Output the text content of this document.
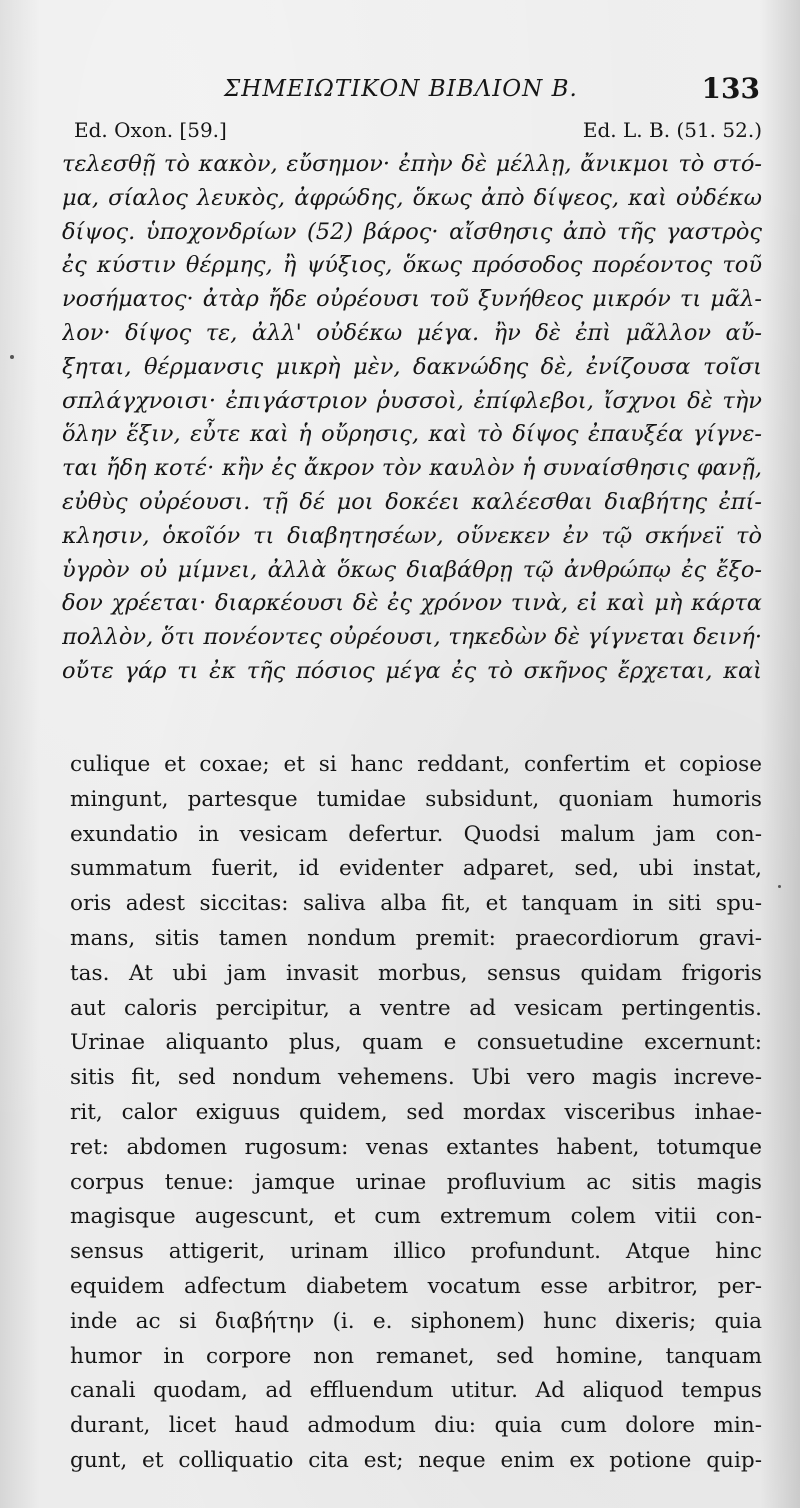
ΣΗΜΕΙΩΤΙΚΟΝ ΒΙΒΛΙΟΝ Β.	133
Ed. Oxon. [59.]	Ed. L. B. (51. 52.)
τελεσθῇ τὸ κακὸν, εὔσημον· ἐπὴν δὲ μέλλῃ, ἄνικμοι τὸ στό-
μα, σίαλος λευκὸς, ἀφρώδης, ὅκως ἀπὸ δίψεος, καὶ οὐδέκω
δίψος. ὑποχονδρίων (52) βάρος· αἴσθησις ἀπὸ τῆς γαστρὸς
ἐς κύστιν θέρμης, ἢ ψύξιος, ὅκως πρόσοδος πορέοντος τοῦ
νοσήματος· ἀτὰρ ἤδε οὐρέουσι τοῦ ξυνήθεος μικρόν τι μᾶλ-
λον· δίψος τε, ἀλλ' οὐδέκω μέγα. ἢν δὲ ἐπὶ μᾶλλον αὔ-
ξηται, θέρμανσις μικρὴ μὲν, δακνώδης δὲ, ἐνίζουσα τοῖσι
σπλάγχνοισι· ἐπιγάστριον ῥυσσοὶ, ἐπίφλεβοι, ἴσχνοι δὲ τὴν
ὅλην ἕξιν, εὖτε καὶ ἡ οὔρησις, καὶ τὸ δίψος ἐπαυξέα γίγνε-
ται ἤδη κοτέ· κἢν ἐς ἄκρον τὸν καυλὸν ἡ συναίσθησις φανῇ,
εὐθὺς οὐρέουσι. τῇ δέ μοι δοκέει καλέεσθαι διαβήτης ἐπί-
κλησιν, ὁκοῖόν τι διαβητησέων, οὕνεκεν ἐν τῷ σκήνεϊ τὸ
ὑγρὸν οὐ μίμνει, ἀλλὰ ὅκως διαβάθρῃ τῷ ἀνθρώπῳ ἐς ἔξο-
δον χρέεται· διαρκέουσι δὲ ἐς χρόνον τινὰ, εἰ καὶ μὴ κάρτα
πολλὸν, ὅτι πονέοντες οὐρέουσι, τηκεδὼν δὲ γίγνεται δεινή·
οὔτε γάρ τι ἐκ τῆς πόσιος μέγα ἐς τὸ σκῆνος ἔρχεται, καὶ
culique et coxae; et si hanc reddant, confertim et copiose
mingunt, partesque tumidae subsidunt, quoniam humoris
exundatio in vesicam defertur. Quodsi malum jam con-
summatum fuerit, id evidenter adparet, sed, ubi instat,
oris adest siccitas: saliva alba fit, et tanquam in siti spu-
mans, sitis tamen nondum premit: praecordiorum gravi-
tas. At ubi jam invasit morbus, sensus quidam frigoris
aut caloris percipitur, a ventre ad vesicam pertingentis.
Urinae aliquanto plus, quam e consuetudine excernunt:
sitis fit, sed nondum vehemens. Ubi vero magis increve-
rit, calor exiguus quidem, sed mordax visceribus inhae-
ret: abdomen rugosum: venas extantes habent, totumque
corpus tenue: jamque urinae profluvium ac sitis magis
magisque augescunt, et cum extremum colem vitii con-
sensus attigerit, urinam illico profundunt. Atque hinc
equidem adfectum diabetem vocatum esse arbitror, per-
inde ac si διαβήτην (i. e. siphonem) hunc dixeris; quia
humor in corpore non remanet, sed homine, tanquam
canali quodam, ad effluendum utitur. Ad aliquod tempus
durant, licet haud admodum diu: quia cum dolore min-
gunt, et colliquatio cita est; neque enim ex potione quip-
